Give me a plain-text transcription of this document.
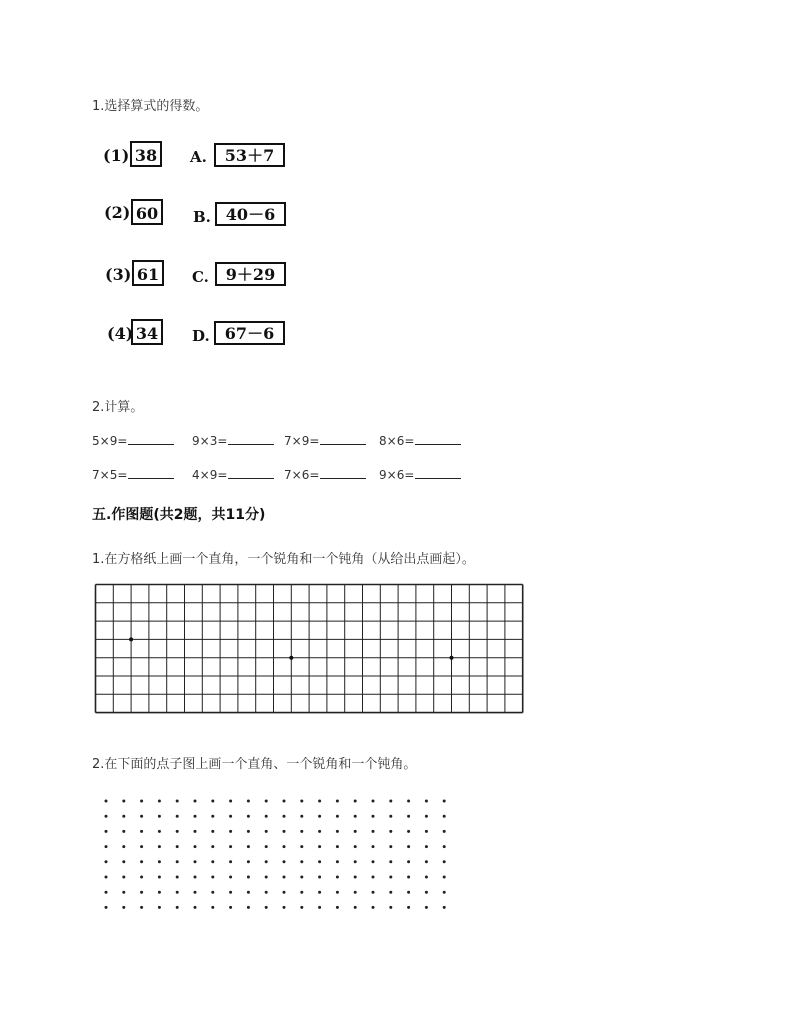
1.选择算式的得数。
(1) 38	A.	53＋7
(2) 60	B. 40－6
(3) 61	C.	9＋29
(4) 34	D. 67－6
2.计算。
5×9=	9×3=	7×9=	8×6=
7×5=	4×9=	7×6=	9×6=
五.作图题(共2题，共11分)
1.在方格纸上画一个直角，一个锐角和一个钝角（从给出点画起）。
2.在下面的点子图上画一个直角、一个锐角和一个钝角。
